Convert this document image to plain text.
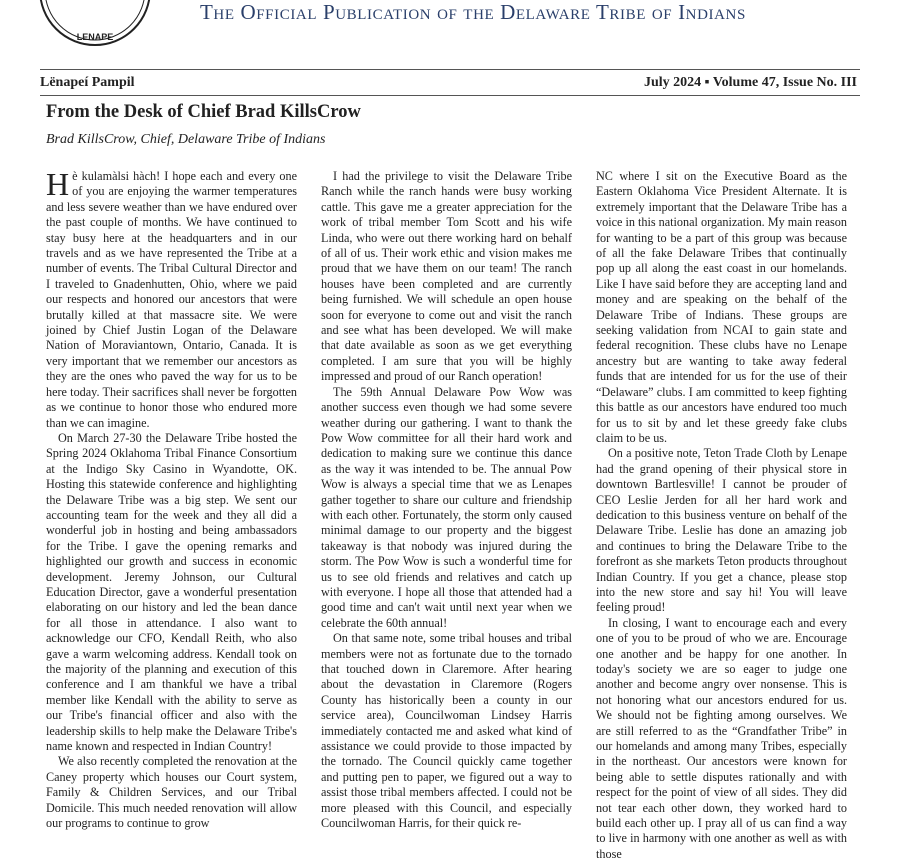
LENAPE
The Official Publication of the Delaware Tribe of Indians
Lënapeí Pampil	July 2024 ▪ Volume 47, Issue No. III
From the Desk of Chief Brad KillsCrow
Brad KillsCrow, Chief, Delaware Tribe of Indians

Hè kulamàlsi hàch! I hope each and every one of you are enjoying the warmer temperatures and less severe weather than we have endured over the past couple of months. We have continued to stay busy here at the headquarters and in our travels and as we have represented the Tribe at a number of events. The Tribal Cultural Director and I traveled to Gnadenhutten, Ohio, where we paid our respects and honored our ancestors that were brutally killed at that massacre site. We were joined by Chief Justin Logan of the Delaware Nation of Moraviantown, Ontario, Canada. It is very important that we remember our ancestors as they are the ones who paved the way for us to be here today. Their sacrifices shall never be forgotten as we continue to honor those who endured more than we can imagine.

On March 27-30 the Delaware Tribe hosted the Spring 2024 Oklahoma Tribal Finance Consortium at the Indigo Sky Casino in Wyandotte, OK. Hosting this statewide conference and highlighting the Delaware Tribe was a big step. We sent our accounting team for the week and they all did a wonderful job in hosting and being ambassadors for the Tribe. I gave the opening remarks and highlighted our growth and success in economic development. Jeremy Johnson, our Cultural Education Director, gave a wonderful presentation elaborating on our history and led the bean dance for all those in attendance. I also want to acknowledge our CFO, Kendall Reith, who also gave a warm welcoming address. Kendall took on the majority of the planning and execution of this conference and I am thankful we have a tribal member like Kendall with the ability to serve as our Tribe's financial officer and also with the leadership skills to help make the Delaware Tribe's name known and respected in Indian Country!

We also recently completed the renovation at the Caney property which houses our Court system, Family & Children Services, and our Tribal Domicile. This much needed renovation will allow our programs to continue to grow

I had the privilege to visit the Delaware Tribe Ranch while the ranch hands were busy working cattle. This gave me a greater appreciation for the work of tribal member Tom Scott and his wife Linda, who were out there working hard on behalf of all of us. Their work ethic and vision makes me proud that we have them on our team! The ranch houses have been completed and are currently being furnished. We will schedule an open house soon for everyone to come out and visit the ranch and see what has been developed. We will make that date available as soon as we get everything completed. I am sure that you will be highly impressed and proud of our Ranch operation!

The 59th Annual Delaware Pow Wow was another success even though we had some severe weather during our gathering. I want to thank the Pow Wow committee for all their hard work and dedication to making sure we continue this dance as the way it was intended to be. The annual Pow Wow is always a special time that we as Lenapes gather together to share our culture and friendship with each other. Fortunately, the storm only caused minimal damage to our property and the biggest takeaway is that nobody was injured during the storm. The Pow Wow is such a wonderful time for us to see old friends and relatives and catch up with everyone. I hope all those that attended had a good time and can't wait until next year when we celebrate the 60th annual!

On that same note, some tribal houses and tribal members were not as fortunate due to the tornado that touched down in Claremore. After hearing about the devastation in Claremore (Rogers County has historically been a county in our service area), Councilwoman Lindsey Harris immediately contacted me and asked what kind of assistance we could provide to those impacted by the tornado. The Council quickly came together and putting pen to paper, we figured out a way to assist those tribal members affected. I could not be more pleased with this Council, and especially Councilwoman Harris, for their quick re-

NC where I sit on the Executive Board as the Eastern Oklahoma Vice President Alternate. It is extremely important that the Delaware Tribe has a voice in this national organization. My main reason for wanting to be a part of this group was because of all the fake Delaware Tribes that continually pop up all along the east coast in our homelands. Like I have said before they are accepting land and money and are speaking on the behalf of the Delaware Tribe of Indians. These groups are seeking validation from NCAI to gain state and federal recognition. These clubs have no Lenape ancestry but are wanting to take away federal funds that are intended for us for the use of their “Delaware” clubs. I am committed to keep fighting this battle as our ancestors have endured too much for us to sit by and let these greedy fake clubs claim to be us.

On a positive note, Teton Trade Cloth by Lenape had the grand opening of their physical store in downtown Bartlesville! I cannot be prouder of CEO Leslie Jerden for all her hard work and dedication to this business venture on behalf of the Delaware Tribe. Leslie has done an amazing job and continues to bring the Delaware Tribe to the forefront as she markets Teton products throughout Indian Country. If you get a chance, please stop into the new store and say hi! You will leave feeling proud!

In closing, I want to encourage each and every one of you to be proud of who we are. Encourage one another and be happy for one another. In today's society we are so eager to judge one another and become angry over nonsense. This is not honoring what our ancestors endured for us. We should not be fighting among ourselves. We are still referred to as the “Grandfather Tribe” in our homelands and among many Tribes, especially in the northeast. Our ancestors were known for being able to settle disputes rationally and with respect for the point of view of all sides. They did not tear each other down, they worked hard to build each other up. I pray all of us can find a way to live in harmony with one another as well as with those
